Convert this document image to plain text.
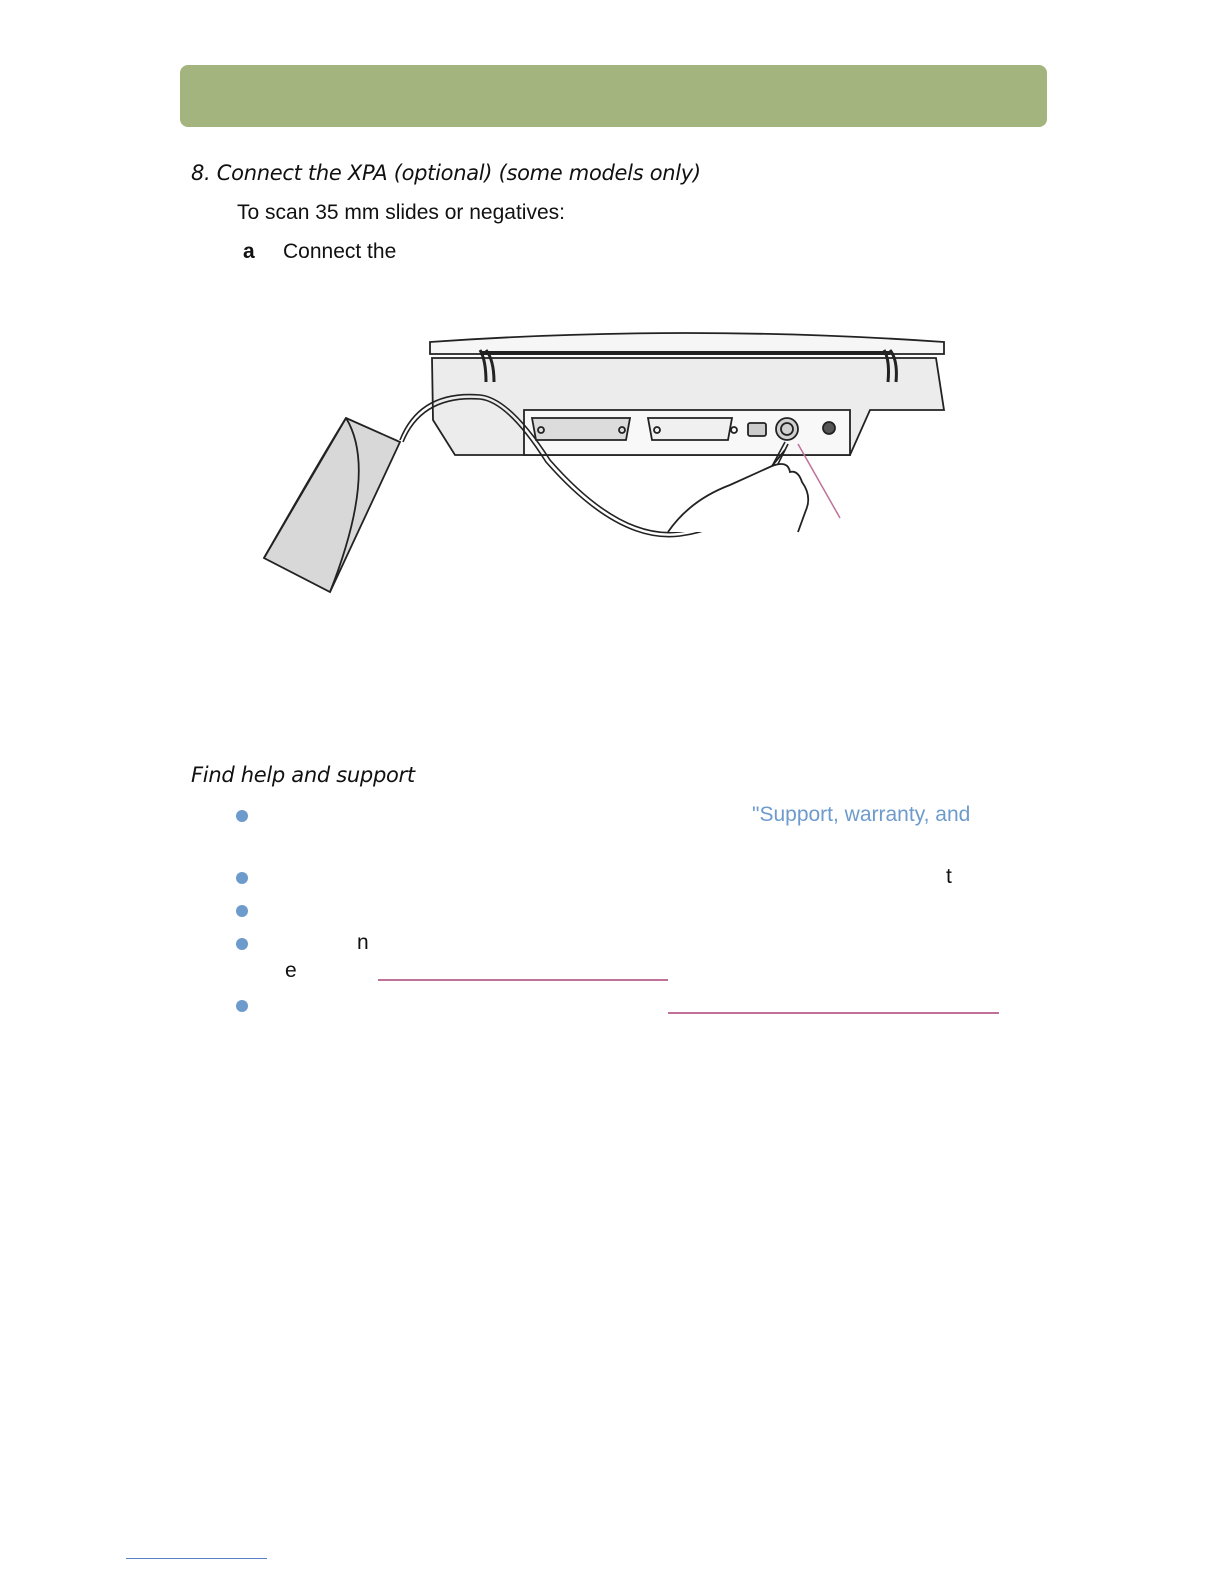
8. Connect the XPA (optional) (some models only)
To scan 35 mm slides or negatives:
a Connect the
Find help and support
"Support, warranty, and
t
n
e
